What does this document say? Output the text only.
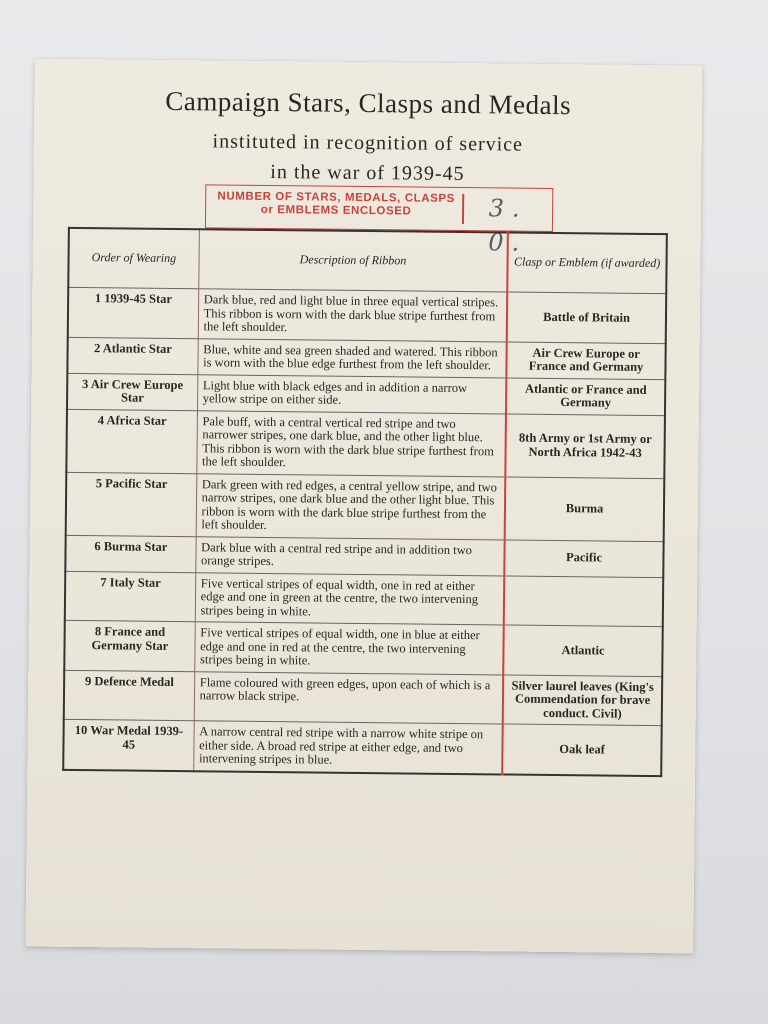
Campaign Stars, Clasps and Medals
instituted in recognition of service
in the war of 1939-45
NUMBER OF STARS, MEDALS, CLASPS or EMBLEMS ENCLOSED	3. 0.
Order of Wearing	Description of Ribbon	Clasp or Emblem (if awarded)
1 1939-45 Star	Dark blue, red and light blue in three equal vertical stripes. This ribbon is worn with the dark blue stripe furthest from the left shoulder.	Battle of Britain
2 Atlantic Star	Blue, white and sea green shaded and watered. This ribbon is worn with the blue edge furthest from the left shoulder.	Air Crew Europe or France and Germany
3 Air Crew Europe Star	Light blue with black edges and in addition a narrow yellow stripe on either side.	Atlantic or France and Germany
4 Africa Star	Pale buff, with a central vertical red stripe and two narrower stripes, one dark blue, and the other light blue. This ribbon is worn with the dark blue stripe furthest from the left shoulder.	8th Army or 1st Army or North Africa 1942-43
5 Pacific Star	Dark green with red edges, a central yellow stripe, and two narrow stripes, one dark blue and the other light blue. This ribbon is worn with the dark blue stripe furthest from the left shoulder.	Burma
6 Burma Star	Dark blue with a central red stripe and in addition two orange stripes.	Pacific
7 Italy Star	Five vertical stripes of equal width, one in red at either edge and one in green at the centre, the two intervening stripes being in white.	
8 France and Germany Star	Five vertical stripes of equal width, one in blue at either edge and one in red at the centre, the two intervening stripes being in white.	Atlantic
9 Defence Medal	Flame coloured with green edges, upon each of which is a narrow black stripe.	Silver laurel leaves (King's Commendation for brave conduct. Civil)
10 War Medal 1939-45	A narrow central red stripe with a narrow white stripe on either side. A broad red stripe at either edge, and two intervening stripes in blue.	Oak leaf
